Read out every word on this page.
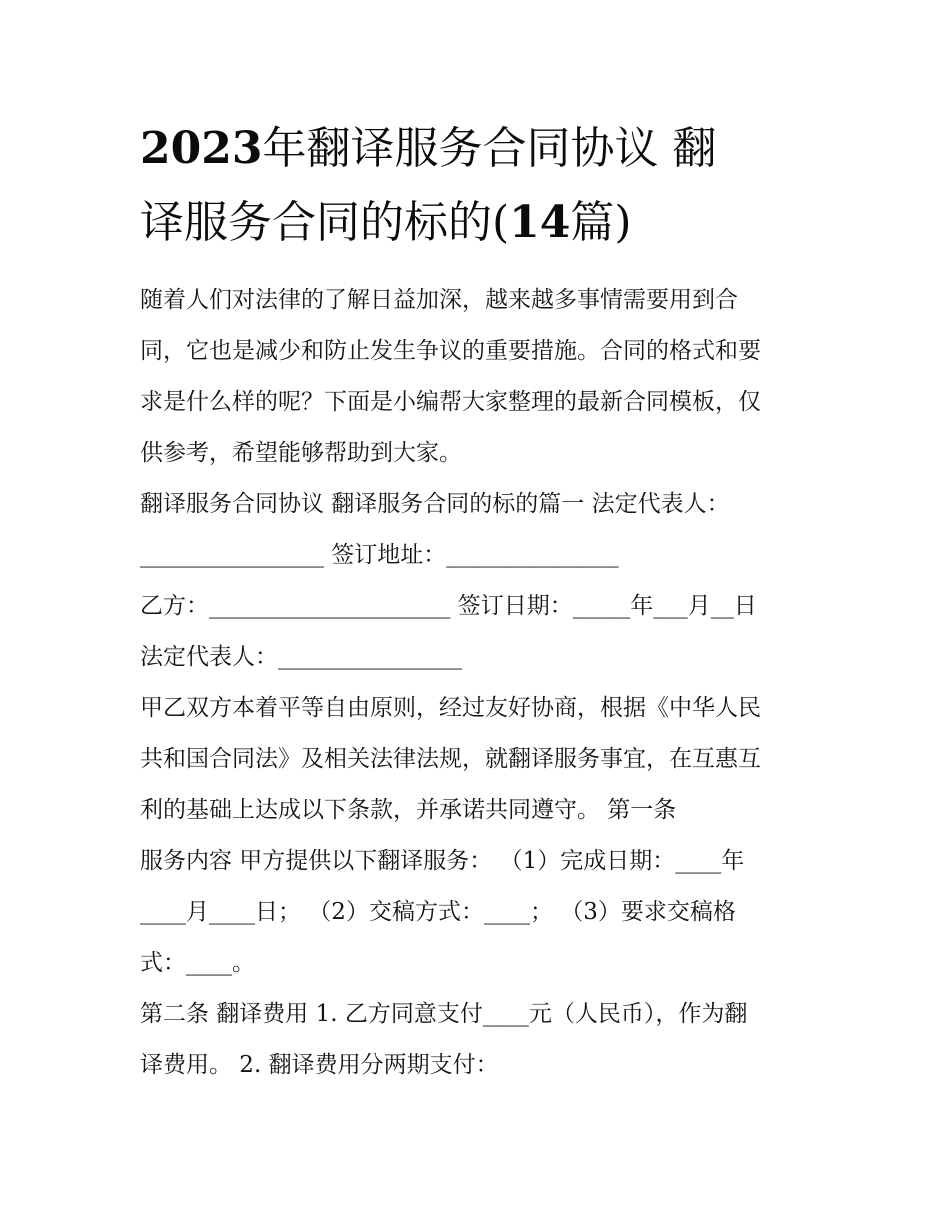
2023年翻译服务合同协议 翻
译服务合同的标的(14篇)
随着人们对法律的了解日益加深，越来越多事情需要用到合
同，它也是减少和防止发生争议的重要措施。合同的格式和要
求是什么样的呢？下面是小编帮大家整理的最新合同模板，仅
供参考，希望能够帮助到大家。
翻译服务合同协议 翻译服务合同的标的篇一 法定代表人：
________________ 签订地址：_______________
乙方：_____________________ 签订日期：_____年___月__日
法定代表人：________________
甲乙双方本着平等自由原则，经过友好协商，根据《中华人民
共和国合同法》及相关法律法规，就翻译服务事宜，在互惠互
利的基础上达成以下条款，并承诺共同遵守。 第一条
服务内容 甲方提供以下翻译服务： （1）完成日期：____年
____月____日； （2）交稿方式：____； （3）要求交稿格
式：____。
第二条 翻译费用 1. 乙方同意支付____元（人民币），作为翻
译费用。 2. 翻译费用分两期支付：
